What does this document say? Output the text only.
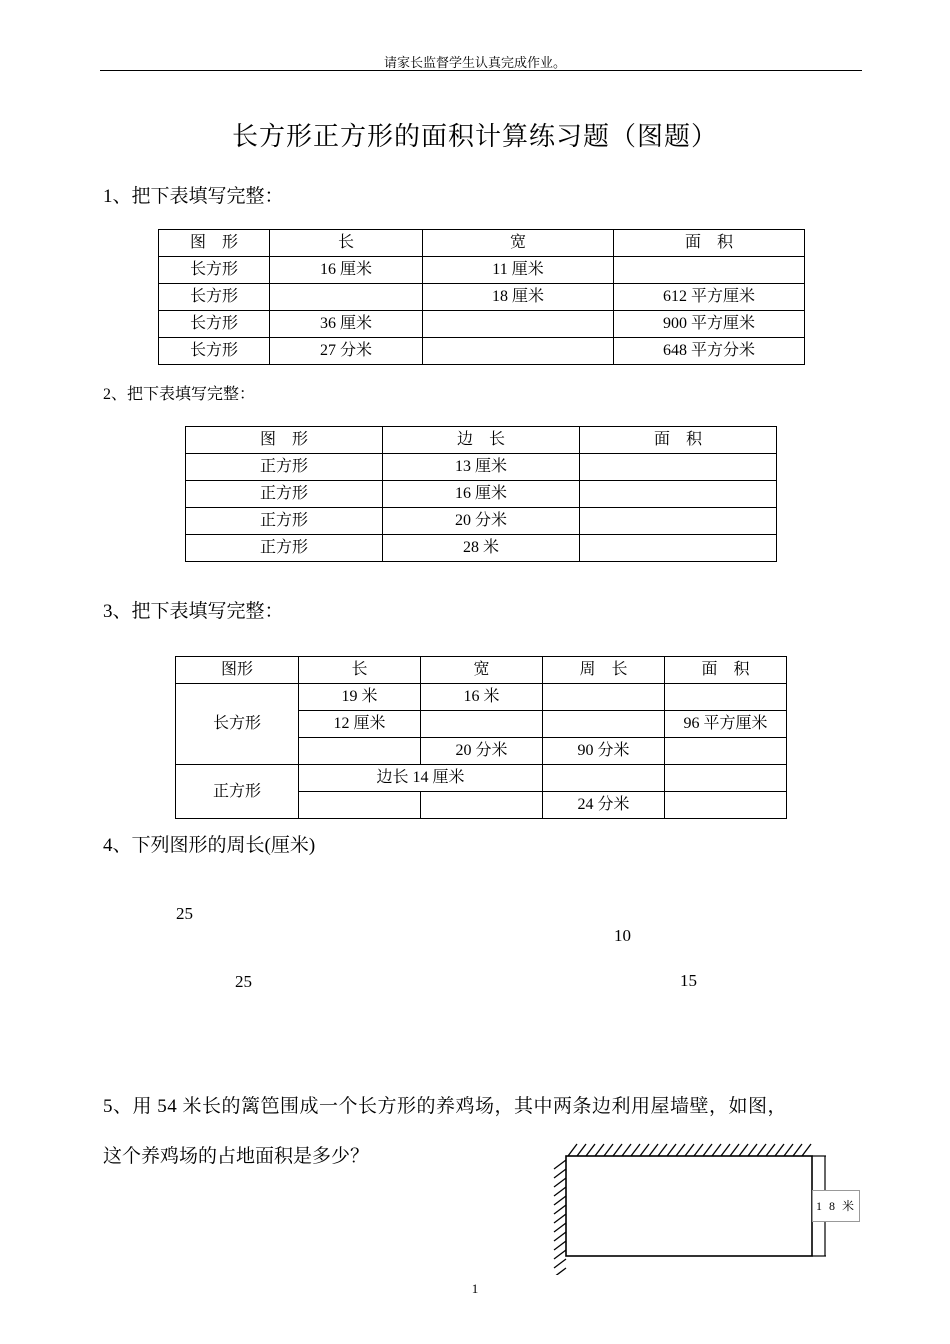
请家长监督学生认真完成作业。
长方形正方形的面积计算练习题（图题）
1、把下表填写完整：
图　形	长	宽	面　积
长方形	16 厘米	11 厘米	
长方形		18 厘米	612 平方厘米
长方形	36 厘米		900 平方厘米
长方形	27 分米		648 平方分米
2、把下表填写完整：
图　形	边　长	面　积
正方形	13 厘米	
正方形	16 厘米	
正方形	20 分米	
正方形	28 米	
3、把下表填写完整：
图形	长	宽	周　长	面　积
长方形	19 米	16 米		
	12 厘米			96 平方厘米
		20 分米	90 分米	
正方形	边长 14 厘米			
			24 分米	
4、下列图形的周长(厘米)
25
25
10
15
5、用 54 米长的篱笆围成一个长方形的养鸡场，其中两条边利用屋墙壁，如图，
这个养鸡场的占地面积是多少？
1 8 米
1
